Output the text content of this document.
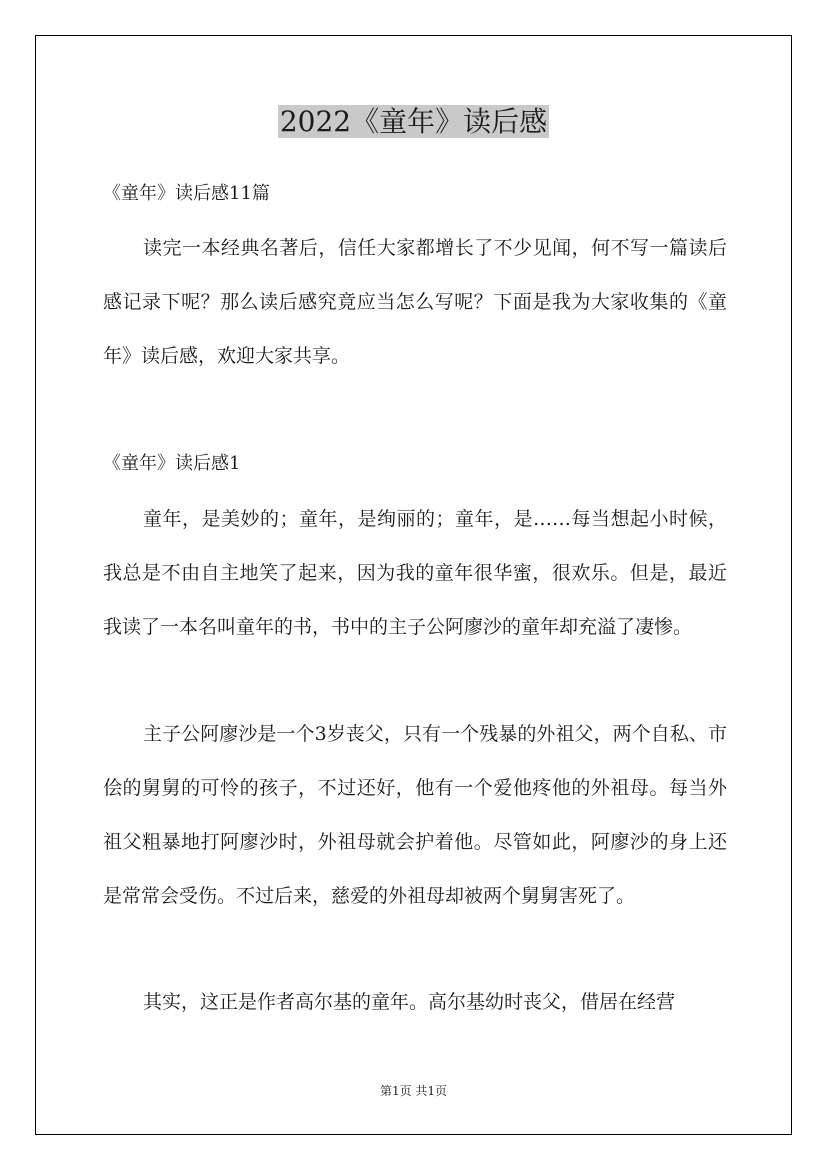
2022《童年》读后感
《童年》读后感11篇

读完一本经典名著后，信任大家都增长了不少见闻，何不写一篇读后感记录下呢？那么读后感究竟应当怎么写呢？下面是我为大家收集的《童年》读后感，欢迎大家共享。

《童年》读后感1

童年，是美妙的；童年，是绚丽的；童年，是……每当想起小时候，我总是不由自主地笑了起来，因为我的童年很华蜜，很欢乐。但是，最近我读了一本名叫童年的书，书中的主子公阿廖沙的童年却充溢了凄惨。

主子公阿廖沙是一个3岁丧父，只有一个残暴的外祖父，两个自私、市侩的舅舅的可怜的孩子，不过还好，他有一个爱他疼他的外祖母。每当外祖父粗暴地打阿廖沙时，外祖母就会护着他。尽管如此，阿廖沙的身上还是常常会受伤。不过后来，慈爱的外祖母却被两个舅舅害死了。

其实，这正是作者高尔基的童年。高尔基幼时丧父，借居在经营

第1页 共1页
